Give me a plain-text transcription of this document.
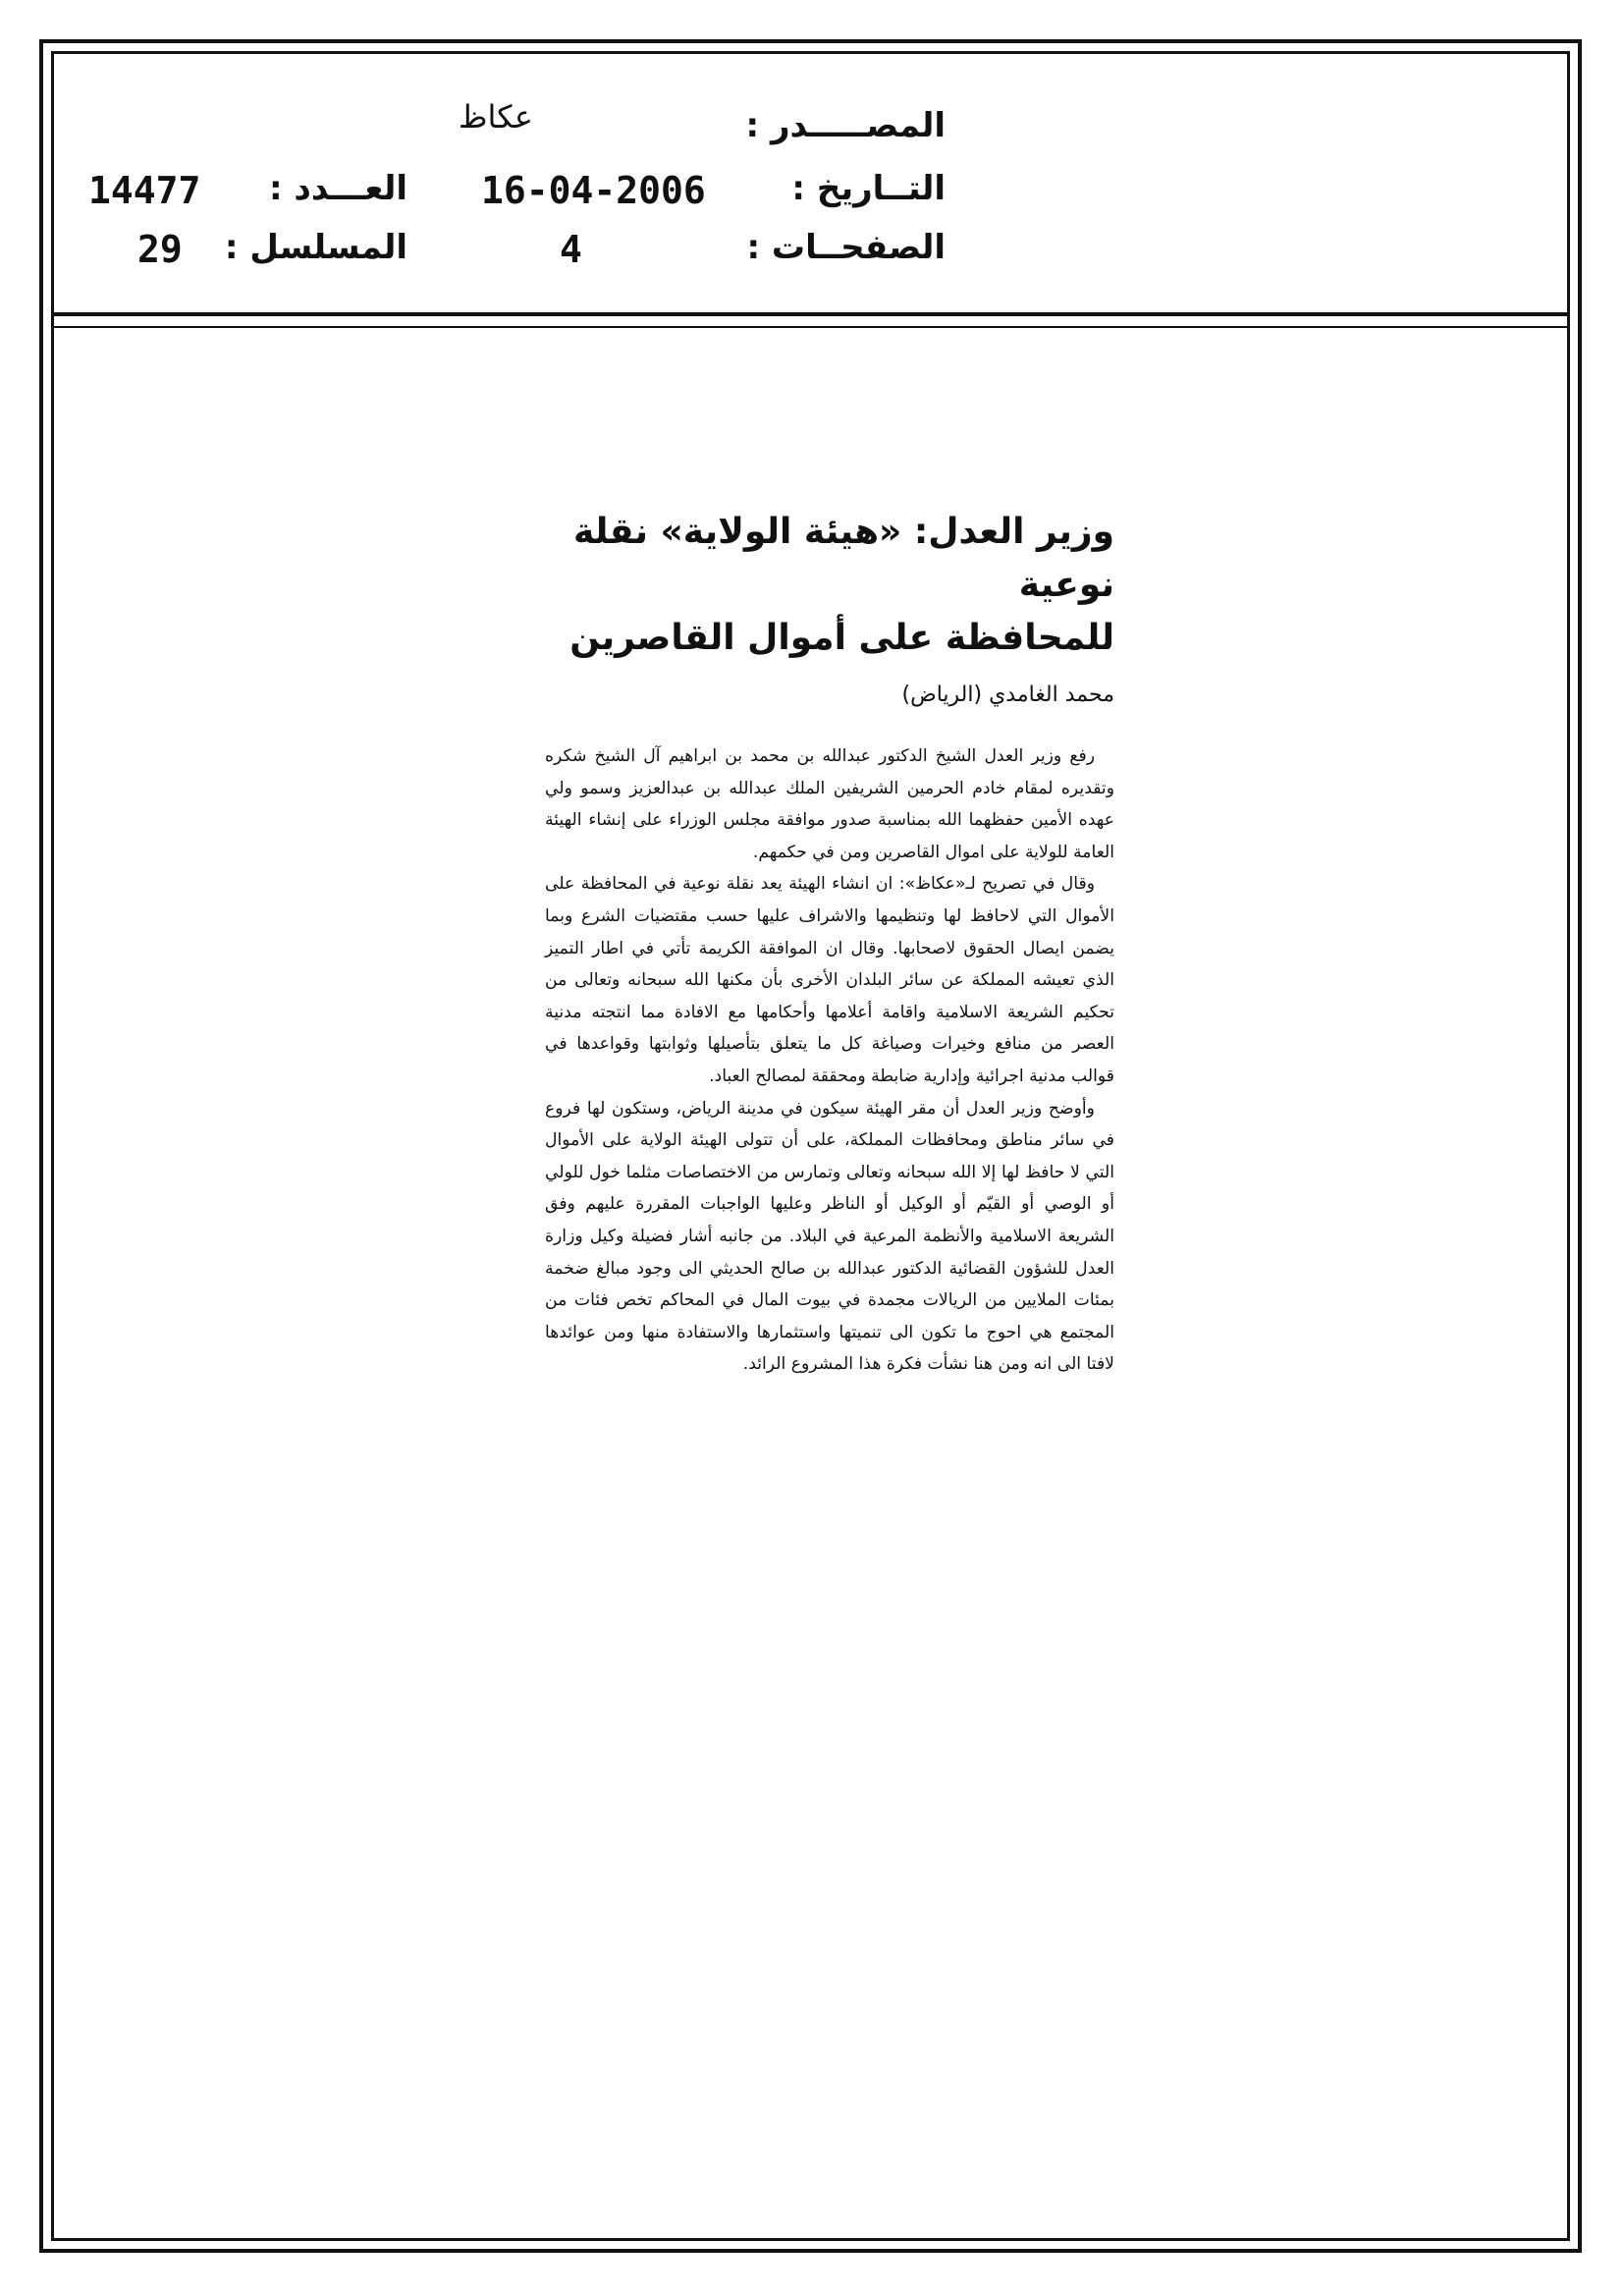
المصـــــدر :
عكاظ
التــاريخ :
16-04-2006
العـــدد :
14477
الصفحــات :
4
المسلسل :
29
وزير العدل: «هيئة الولاية» نقلة نوعية
للمحافظة على أموال القاصرين
محمد الغامدي (الرياض)

رفع وزير العدل الشيخ الدكتور عبدالله بن محمد بن ابراهيم آل الشيخ شكره وتقديره لمقام خادم الحرمين الشريفين الملك عبدالله بن عبدالعزيز وسمو ولي عهده الأمين حفظهما الله بمناسبة صدور موافقة مجلس الوزراء على إنشاء الهيئة العامة للولاية على اموال القاصرين ومن في حكمهم.

وقال في تصريح لـ«عكاظ»: ان انشاء الهيئة يعد نقلة نوعية في المحافظة على الأموال التي لاحافظ لها وتنظيمها والاشراف عليها حسب مقتضيات الشرع وبما يضمن ايصال الحقوق لاصحابها. وقال ان الموافقة الكريمة تأتي في اطار التميز الذي تعيشه المملكة عن سائر البلدان الأخرى بأن مكنها الله سبحانه وتعالى من تحكيم الشريعة الاسلامية واقامة أعلامها وأحكامها مع الافادة مما انتجته مدنية العصر من منافع وخيرات وصياغة كل ما يتعلق بتأصيلها وثوابتها وقواعدها في قوالب مدنية اجرائية وإدارية ضابطة ومحققة لمصالح العباد.

وأوضح وزير العدل أن مقر الهيئة سيكون في مدينة الرياض، وستكون لها فروع في سائر مناطق ومحافظات المملكة، على أن تتولى الهيئة الولاية على الأموال التي لا حافظ لها إلا الله سبحانه وتعالى وتمارس من الاختصاصات مثلما خول للولي أو الوصي أو القيّم أو الوكيل أو الناظر وعليها الواجبات المقررة عليهم وفق الشريعة الاسلامية والأنظمة المرعية في البلاد. من جانبه أشار فضيلة وكيل وزارة العدل للشؤون القضائية الدكتور عبدالله بن صالح الحديثي الى وجود مبالغ ضخمة بمئات الملايين من الريالات مجمدة في بيوت المال في المحاكم تخص فئات من المجتمع هي احوج ما تكون الى تنميتها واستثمارها والاستفادة منها ومن عوائدها لافتا الى انه ومن هنا نشأت فكرة هذا المشروع الرائد.
